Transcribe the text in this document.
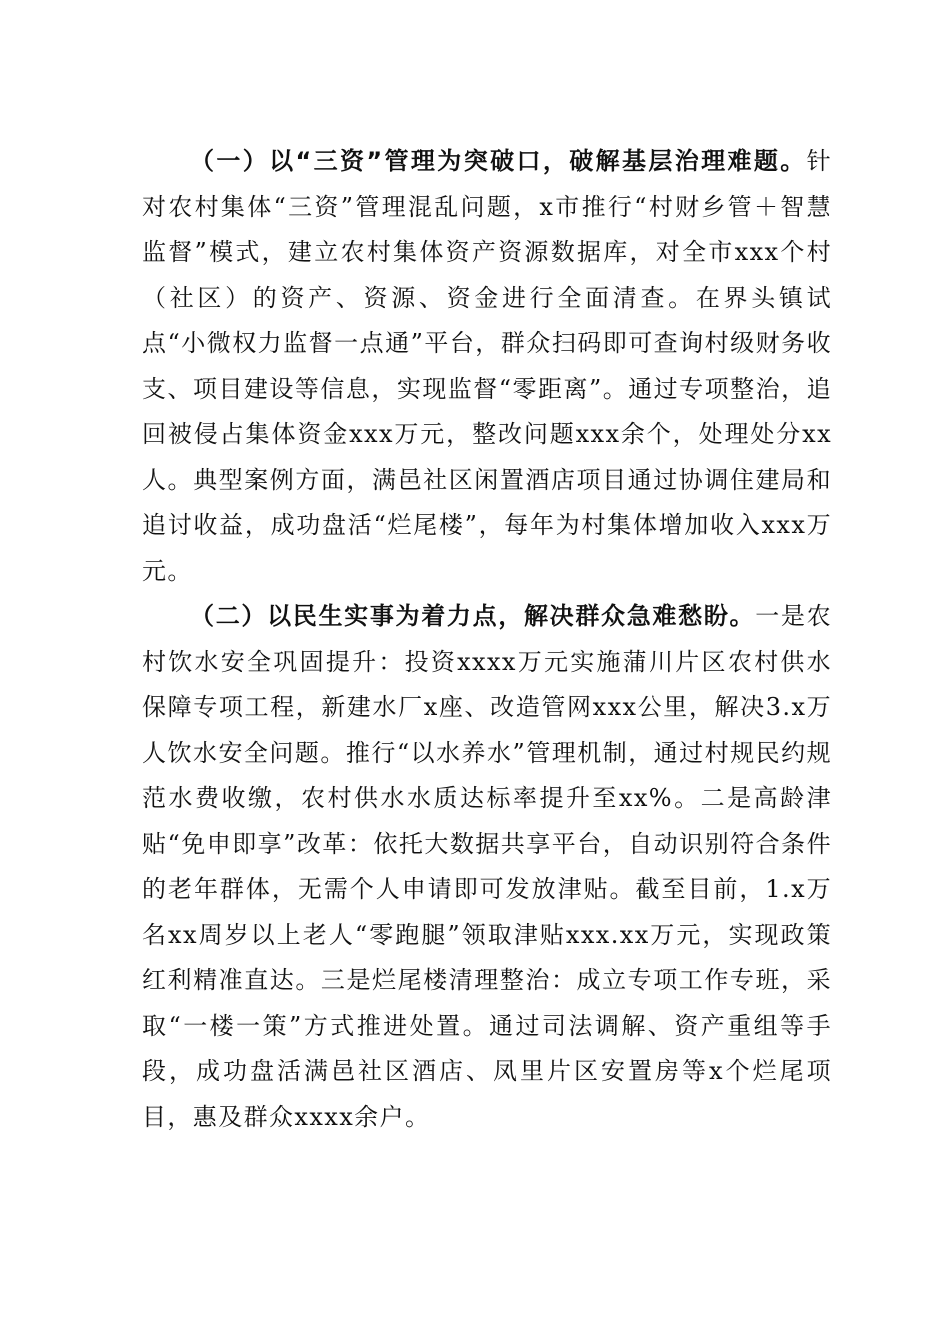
（一）以“三资”管理为突破口，破解基层治理难题。针对农村集体“三资”管理混乱问题，x市推行“村财乡管＋智慧监督”模式，建立农村集体资产资源数据库，对全市xxx个村（社区）的资产、资源、资金进行全面清查。在界头镇试点“小微权力监督一点通”平台，群众扫码即可查询村级财务收支、项目建设等信息，实现监督“零距离”。通过专项整治，追回被侵占集体资金xxx万元，整改问题xxx余个，处理处分xx人。典型案例方面，满邑社区闲置酒店项目通过协调住建局和追讨收益，成功盘活“烂尾楼”，每年为村集体增加收入xxx万元。

（二）以民生实事为着力点，解决群众急难愁盼。一是农村饮水安全巩固提升：投资xxxx万元实施蒲川片区农村供水保障专项工程，新建水厂x座、改造管网xxx公里，解决3.x万人饮水安全问题。推行“以水养水”管理机制，通过村规民约规范水费收缴，农村供水水质达标率提升至xx%。二是高龄津贴“免申即享”改革：依托大数据共享平台，自动识别符合条件的老年群体，无需个人申请即可发放津贴。截至目前，1.x万名xx周岁以上老人“零跑腿”领取津贴xxx.xx万元，实现政策红利精准直达。三是烂尾楼清理整治：成立专项工作专班，采取“一楼一策”方式推进处置。通过司法调解、资产重组等手段，成功盘活满邑社区酒店、凤里片区安置房等x个烂尾项目，惠及群众xxxx余户。
